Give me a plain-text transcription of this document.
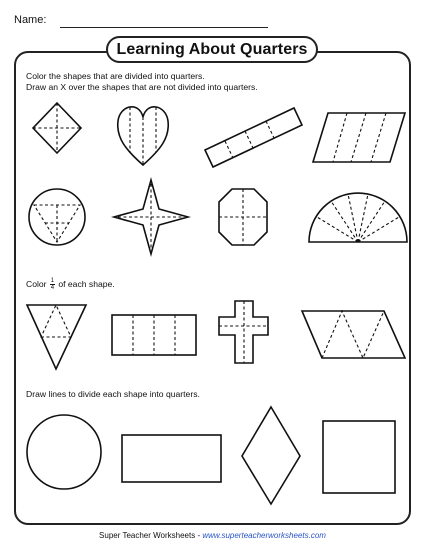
Name:
Learning About Quarters
Color the shapes that are divided into quarters.
Draw an X over the shapes that are not divided into quarters.
Color $\frac{1}{4}$ of each shape.
Draw lines to divide each shape into quarters.
Super Teacher Worksheets - www.superteacherworksheets.com
